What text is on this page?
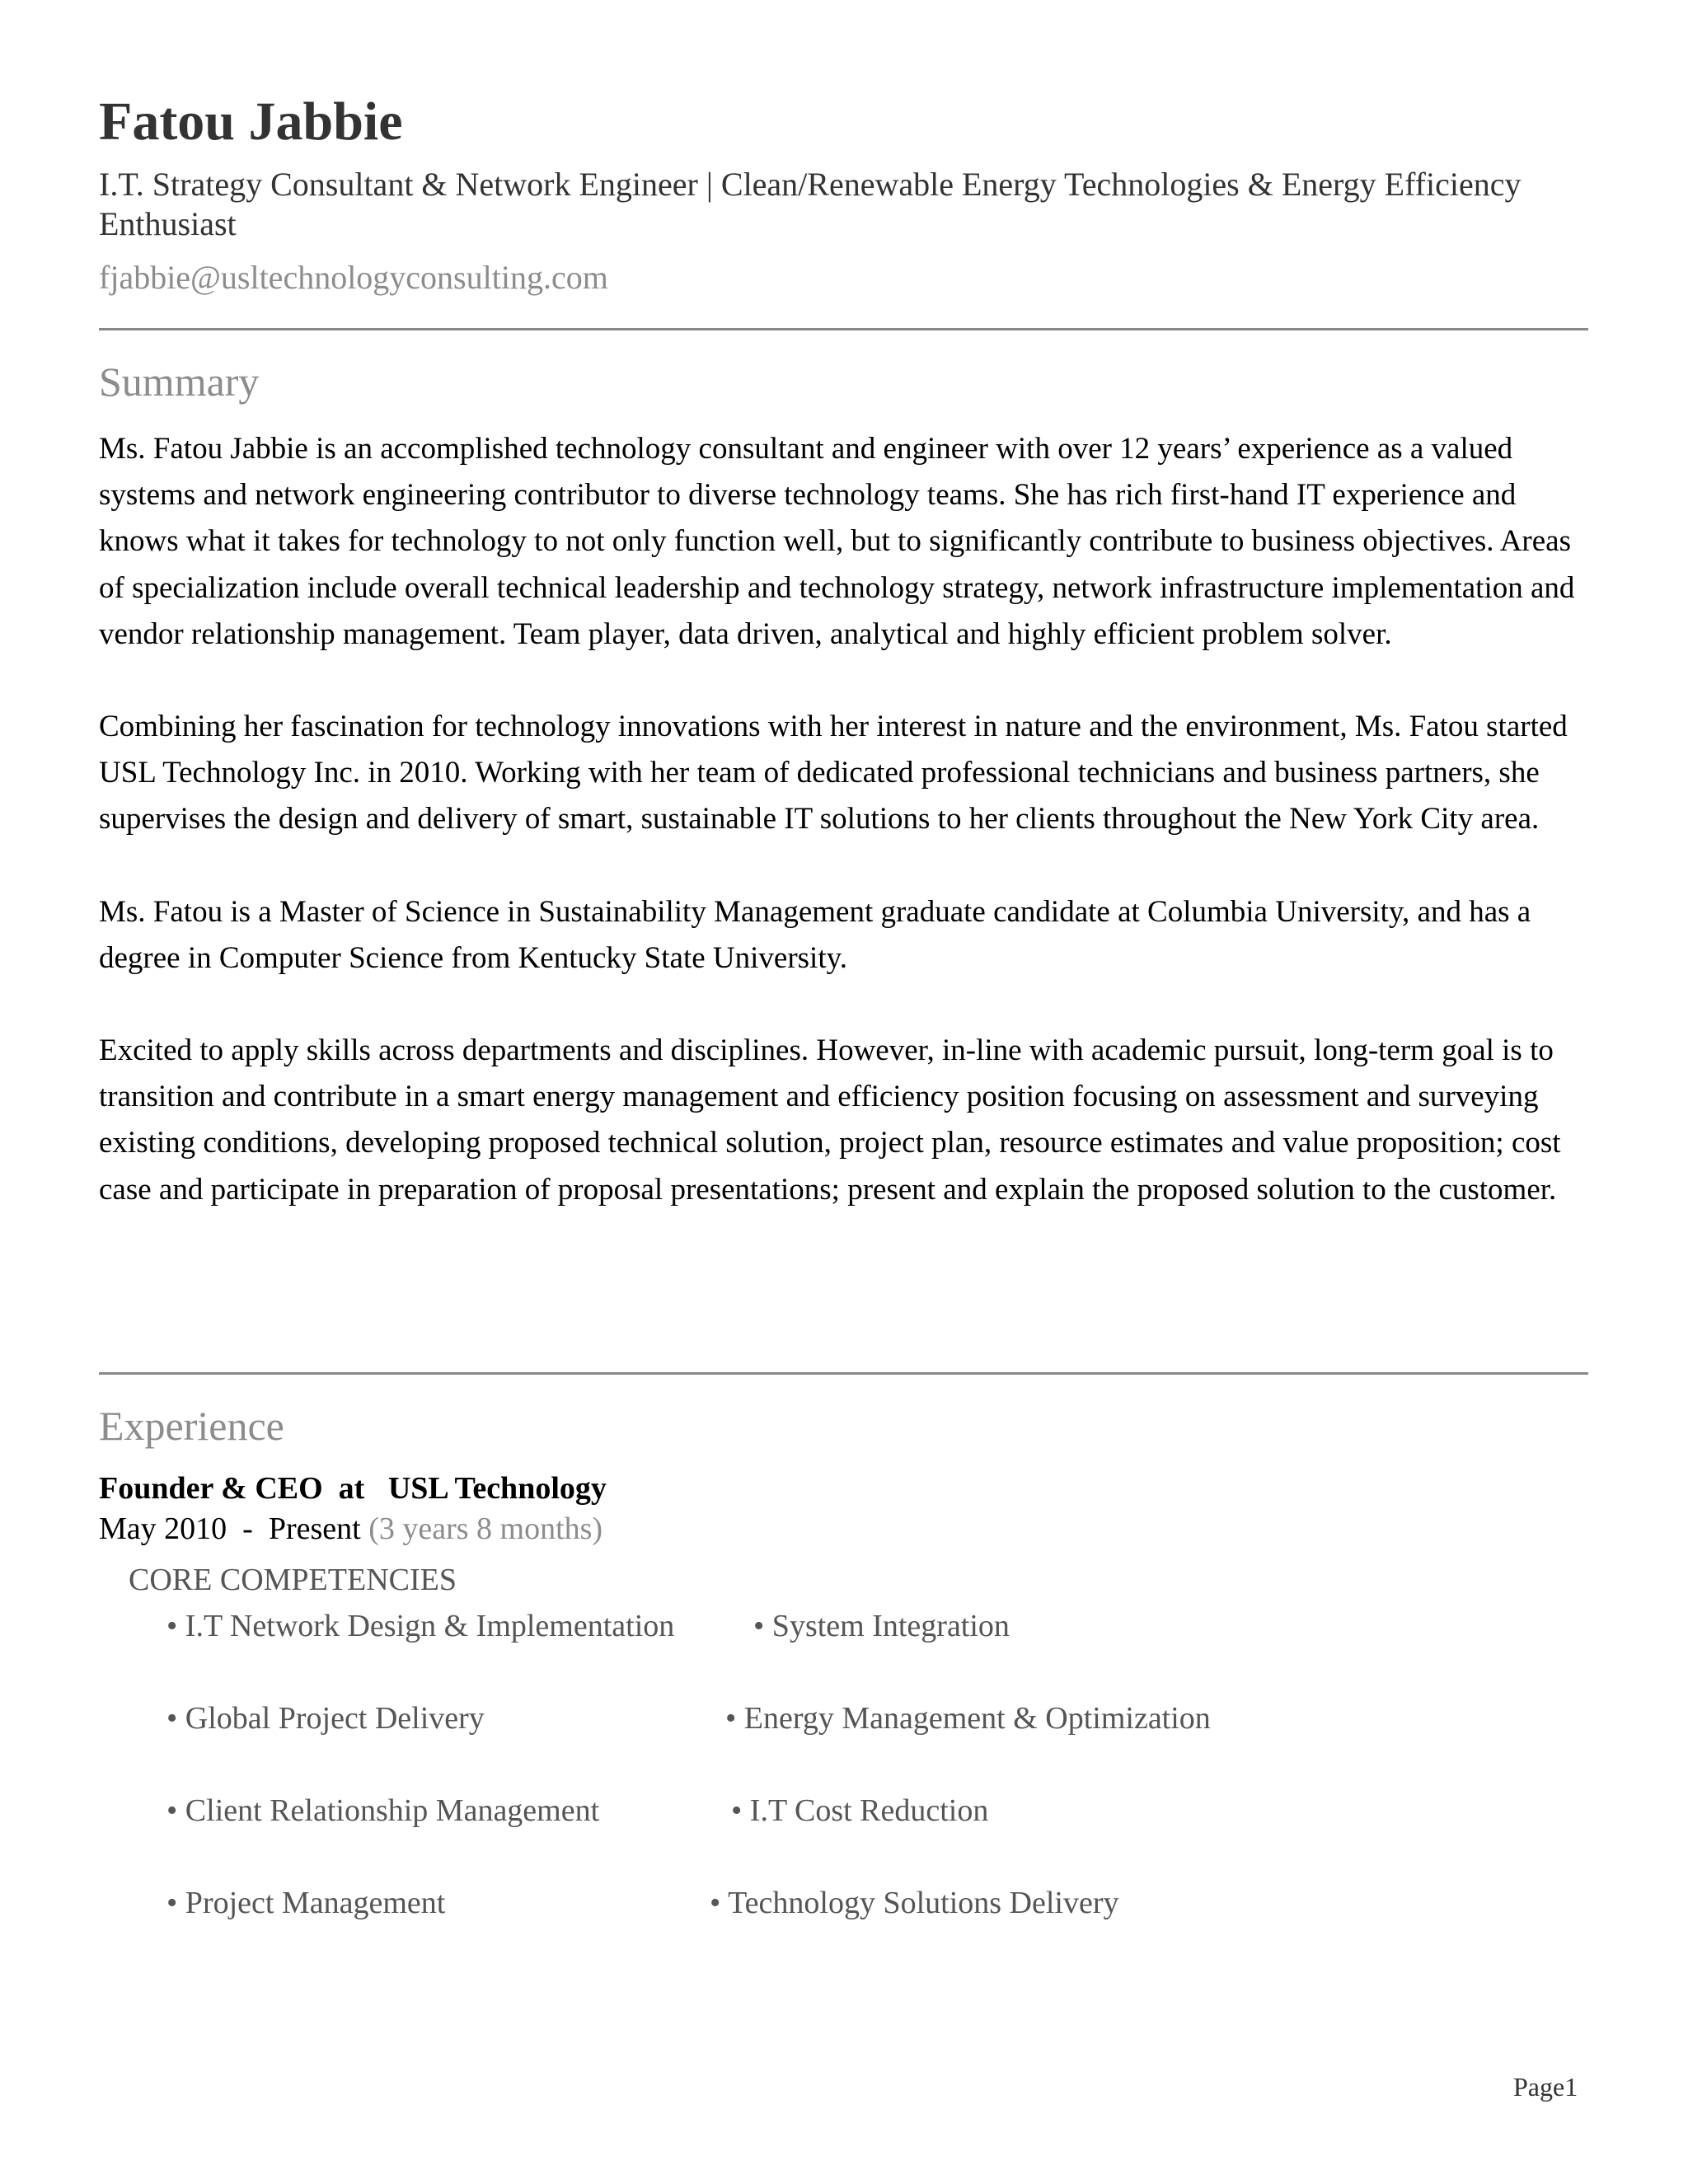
Fatou Jabbie
I.T. Strategy Consultant & Network Engineer | Clean/Renewable Energy Technologies & Energy Efficiency Enthusiast
fjabbie@usltechnologyconsulting.com
Summary

Ms. Fatou Jabbie is an accomplished technology consultant and engineer with over 12 years’ experience as a valued systems and network engineering contributor to diverse technology teams. She has rich first-hand IT experience and knows what it takes for technology to not only function well, but to significantly contribute to business objectives. Areas of specialization include overall technical leadership and technology strategy, network infrastructure implementation and vendor relationship management. Team player, data driven, analytical and highly efficient problem solver.

Combining her fascination for technology innovations with her interest in nature and the environment, Ms. Fatou started USL Technology Inc. in 2010. Working with her team of dedicated professional technicians and business partners, she supervises the design and delivery of smart, sustainable IT solutions to her clients throughout the New York City area.

Ms. Fatou is a Master of Science in Sustainability Management graduate candidate at Columbia University, and has a degree in Computer Science from Kentucky State University.

Excited to apply skills across departments and disciplines. However, in-line with academic pursuit, long-term goal is to transition and contribute in a smart energy management and efficiency position focusing on assessment and surveying existing conditions, developing proposed technical solution, project plan, resource estimates and value proposition; cost case and participate in preparation of proposal presentations; present and explain the proposed solution to the customer.

Experience
Founder & CEO at USL Technology
May 2010 - Present (3 years 8 months)
CORE COMPETENCIES
• I.T Network Design & Implementation	• System Integration
• Global Project Delivery	• Energy Management & Optimization
• Client Relationship Management	• I.T Cost Reduction
• Project Management	• Technology Solutions Delivery
Page1
